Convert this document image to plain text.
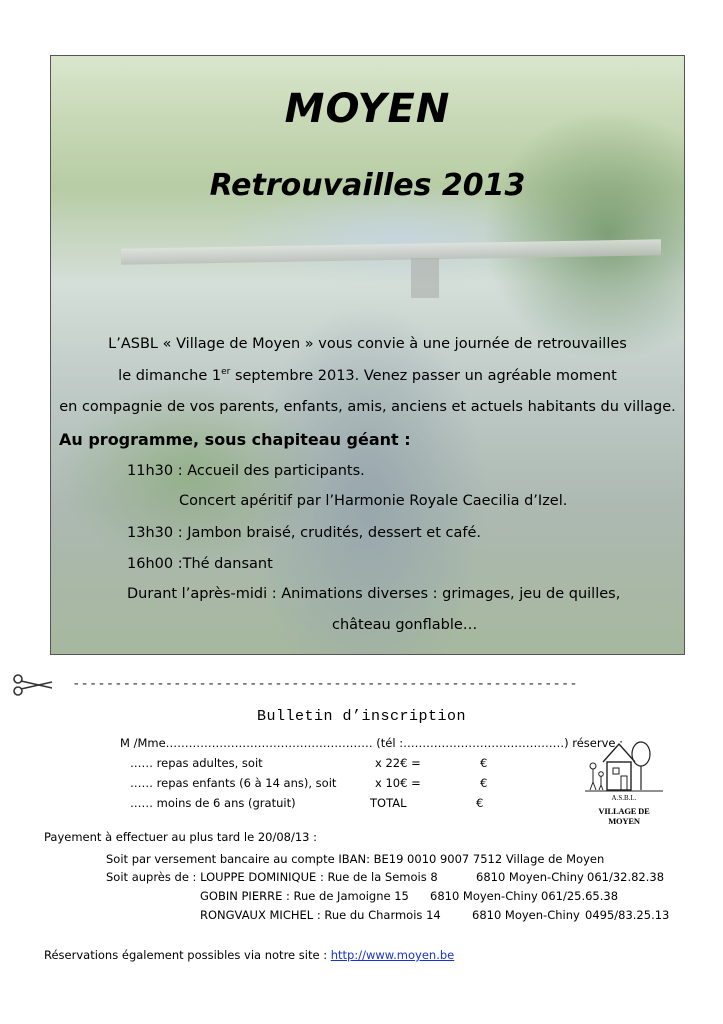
MOYEN
Retrouvailles 2013
L’ASBL « Village de Moyen » vous convie à une journée de retrouvailles
le dimanche 1er septembre 2013. Venez passer un agréable moment
en compagnie de vos parents, enfants, amis, anciens et actuels habitants du village.
Au programme, sous chapiteau géant :
11h30 : Accueil des participants.
Concert apéritif par l’Harmonie Royale Caecilia d’Izel.
13h30 : Jambon braisé, crudités, dessert et café.
16h00 :Thé dansant
Durant l’après-midi : Animations diverses : grimages, jeu de quilles,
château gonflable…
------------------------------------------------------------
Bulletin d’inscription
M /Mme……………………………………………… (tél :……………………………………) réserve :
…… repas adultes, soit	x 22€ =	€
…… repas enfants (6 à 14 ans), soit	x 10€ =	€
…… moins de 6 ans (gratuit)	TOTAL	€	A.S.B.L.
VILLAGE DE MOYEN
Payement à effectuer au plus tard le 20/08/13 :
Soit par versement bancaire au compte IBAN: BE19 0010 9007 7512 Village de Moyen
Soit auprès de : LOUPPE DOMINIQUE : Rue de la Semois 8	6810 Moyen-Chiny 061/32.82.38
GOBIN PIERRE : Rue de Jamoigne 15 6810 Moyen-Chiny 061/25.65.38
RONGVAUX MICHEL : Rue du Charmois 14	6810 Moyen-Chiny 0495/83.25.13
Réservations également possibles via notre site : http://www.moyen.be
